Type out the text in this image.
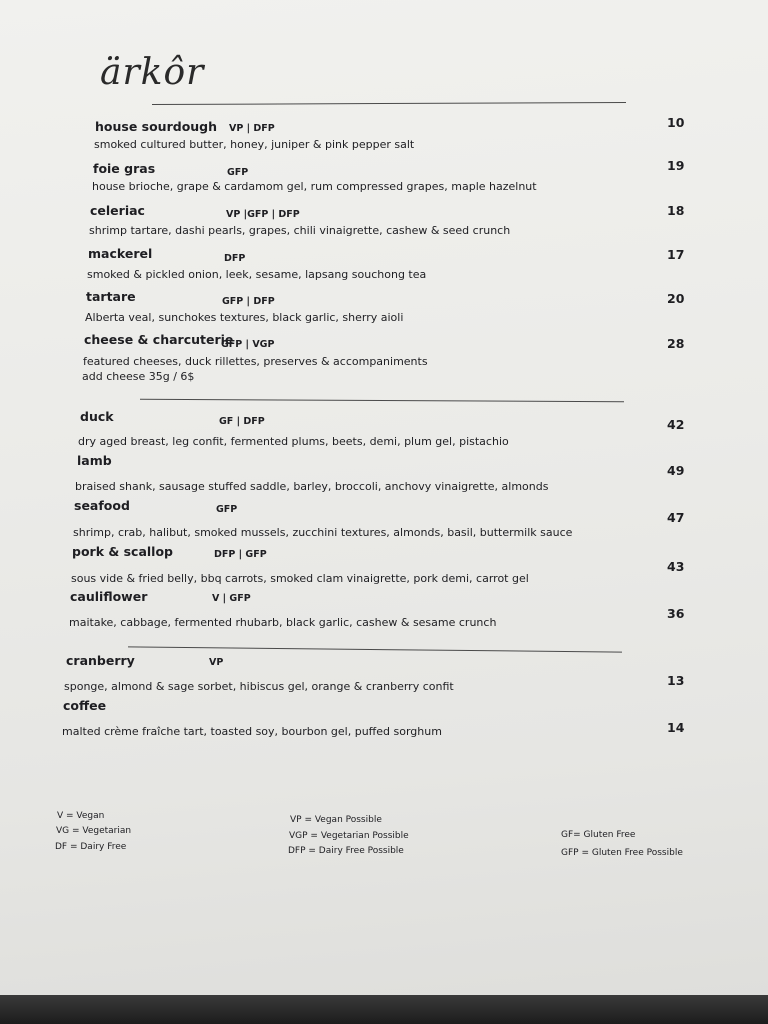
ärkôr
house sourdough VP | DFP
smoked cultured butter, honey, juniper & pink pepper salt
10
foie gras	GFP
house brioche, grape & cardamom gel, rum compressed grapes, maple hazelnut
19
celeriac	VP |GFP | DFP
shrimp tartare, dashi pearls, grapes, chili vinaigrette, cashew & seed crunch
18
mackerel	DFP
smoked & pickled onion, leek, sesame, lapsang souchong tea
17
tartare	GFP | DFP
Alberta veal, sunchokes textures, black garlic, sherry aioli
20
cheese & charcuterie
GFP | VGP
featured cheeses, duck rillettes, preserves & accompaniments
add cheese 35g / 6$
28
duck	GF | DFP
dry aged breast, leg confit, fermented plums, beets, demi, plum gel, pistachio
42
lamb
braised shank, sausage stuffed saddle, barley, broccoli, anchovy vinaigrette, almonds
49
seafood	GFP
shrimp, crab, halibut, smoked mussels, zucchini textures, almonds, basil, buttermilk sauce
47
pork & scallop	DFP | GFP
sous vide & fried belly, bbq carrots, smoked clam vinaigrette, pork demi, carrot gel
43
cauliflower	V | GFP
maitake, cabbage, fermented rhubarb, black garlic, cashew & sesame crunch
36
cranberry	VP
sponge, almond & sage sorbet, hibiscus gel, orange & cranberry confit	13
coffee
malted crème fraîche tart, toasted soy, bourbon gel, puffed sorghum	14
V = Vegan
VG = Vegetarian
DF = Dairy Free
VP = Vegan Possible
VGP = Vegetarian Possible
DFP = Dairy Free Possible
GF= Gluten Free
GFP = Gluten Free Possible
